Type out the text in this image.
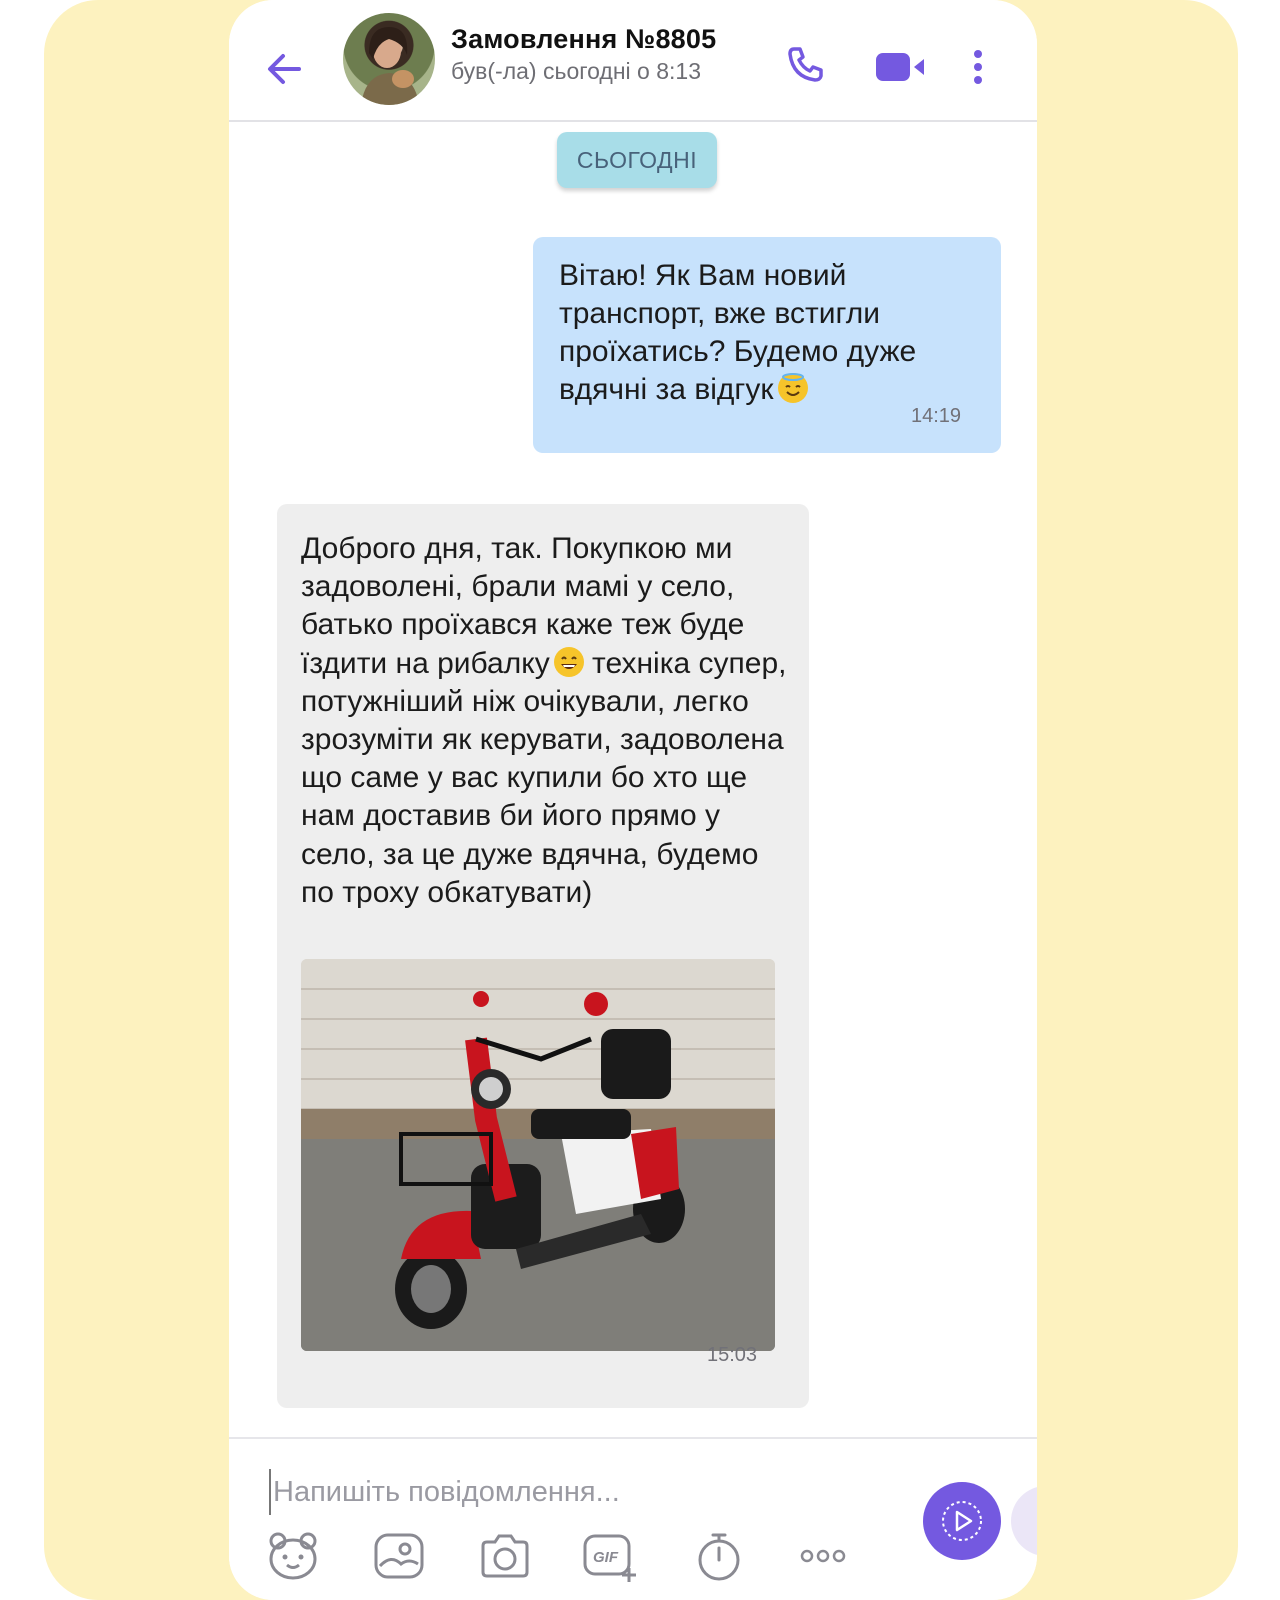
Замовлення №8805
був(-ла) сьогодні о 8:13
СЬОГОДНІ
Вітаю! Як Вам новий транспорт, вже встигли проїхатись? Будемо дуже вдячні за відгук
14:19
Доброго дня, так. Покупкою ми задоволені, брали мамі у село, батько проїхався каже теж буде їздити на рибалку техніка супер, потужніший ніж очікували, легко зрозуміти як керувати, задоволена що саме у вас купили бо хто ще нам доставив би його прямо у село, за це дуже вдячна, будемо по троху обкатувати)
15:03
Напишіть повідомлення...
GIF
